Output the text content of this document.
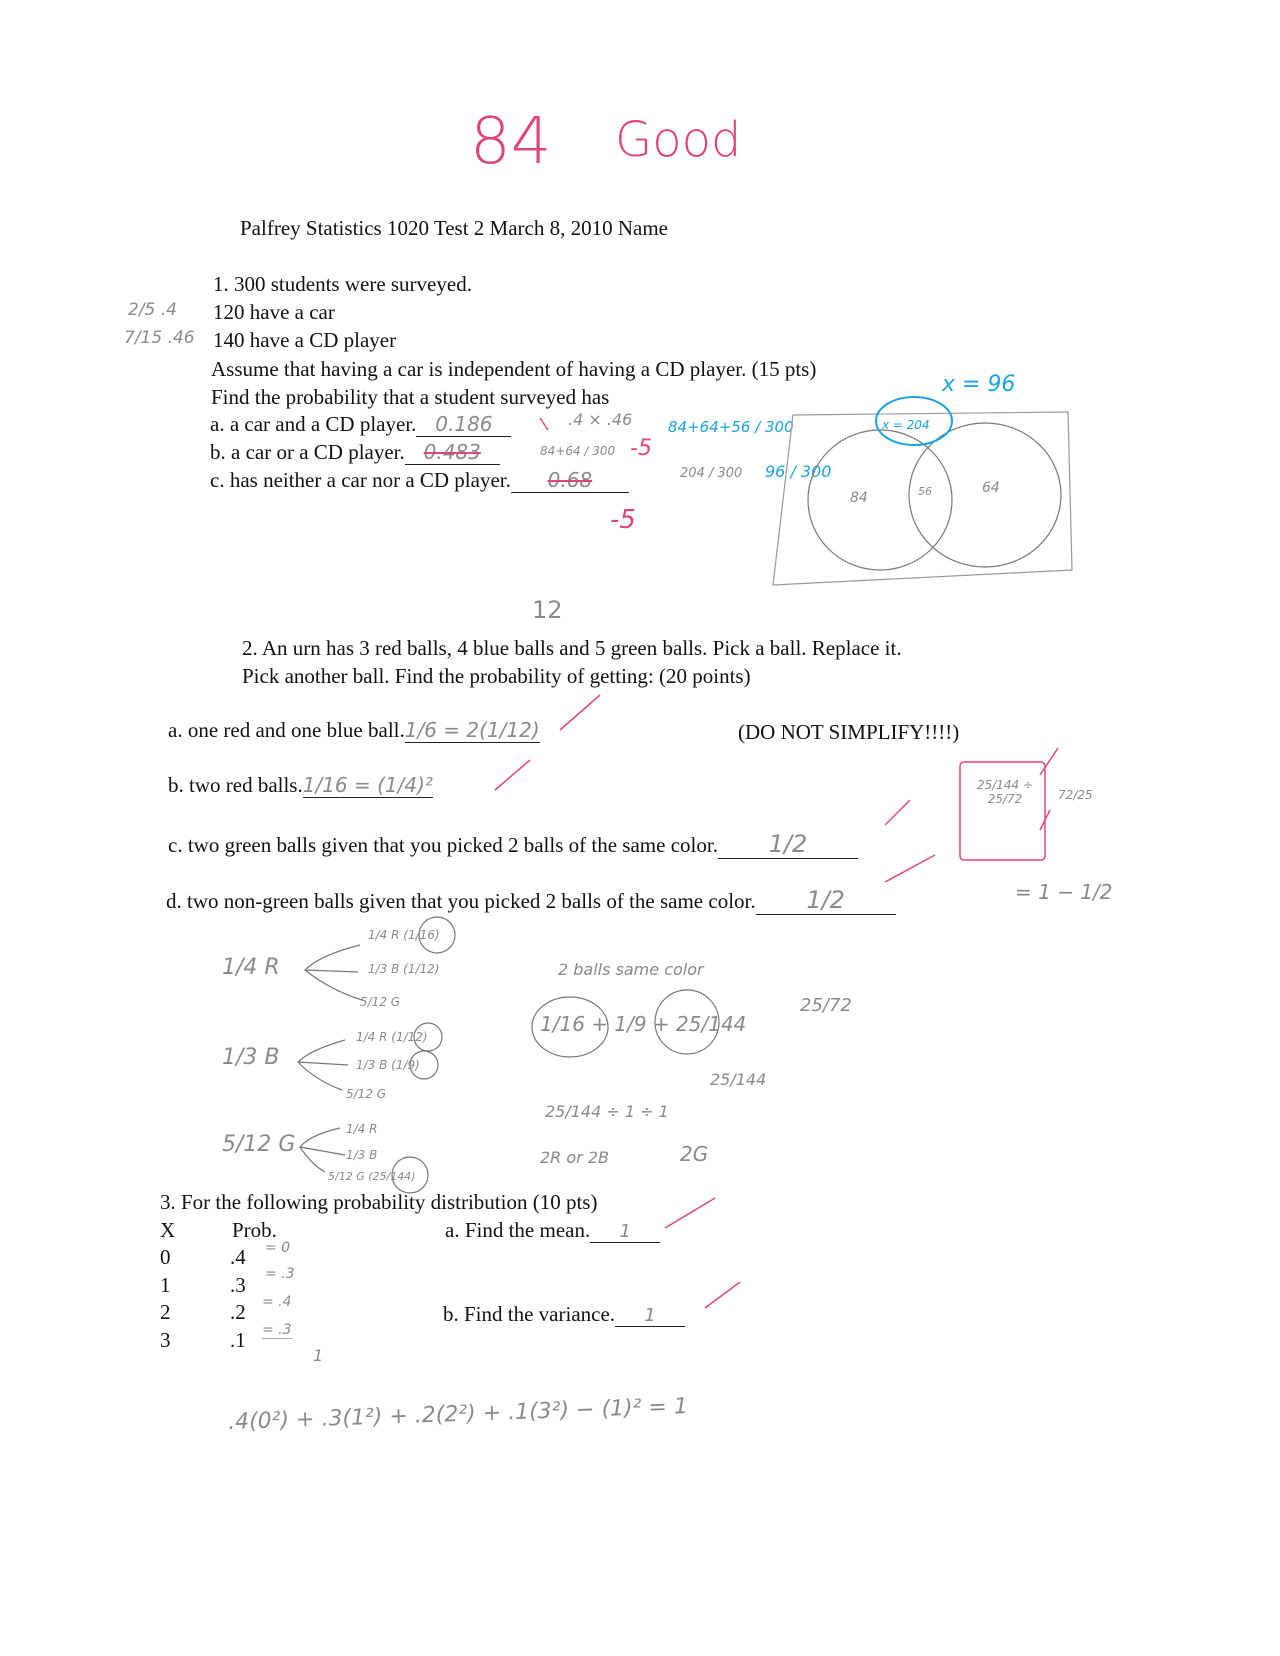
84 Good
Palfrey Statistics 1020 Test 2 March 8, 2010 Name
1. 300 students were surveyed.
120 have a car
140 have a CD player
Assume that having a car is independent of having a CD player. (15 pts)
Find the probability that a student surveyed has
2/5 .4
7/15 .46
a. a car and a CD player. 0.186
b. a car or a CD player. 0.483
c. has neither a car nor a CD player. 0.68
.4 × .46
84+64 / 300
204 / 300
-5
-5
84+64+56 / 300
96 / 300
x = 96
x = 204
84	56	64
12
2. An urn has 3 red balls, 4 blue balls and 5 green balls. Pick a ball. Replace it.
Pick another ball. Find the probability of getting: (20 points)
a. one red and one blue ball.1/6 = 2(1/12)	(DO NOT SIMPLIFY!!!!)
b. two red balls.1/16 = (1/4)²
c. two green balls given that you picked 2 balls of the same color. 1/2
d. two non-green balls given that you picked 2 balls of the same color. 1/2
25/144 ÷ 25/72	72/25
= 1 − 1/2
1/4 R
1/3 B
5/12 G
1/4 R (1/16)
1/3 B (1/12)
5/12 G
1/4 R (1/12)
1/3 B (1/9)
5/12 G
1/4 R
1/3 B
5/12 G (25/144)
2 balls same color
1/16 + 1/9 + 25/144
25/72
25/144 ÷ 1 ÷ 1
2R or 2B	2G
25/144
3. For the following probability distribution (10 pts)
X	Prob.
0	.4
1	.3
2	.2
3	.1
= 0
= .3
= .4
= .3
1
a. Find the mean. 1
b. Find the variance. 1
.4(0²) + .3(1²) + .2(2²) + .1(3²) − (1)² = 1
